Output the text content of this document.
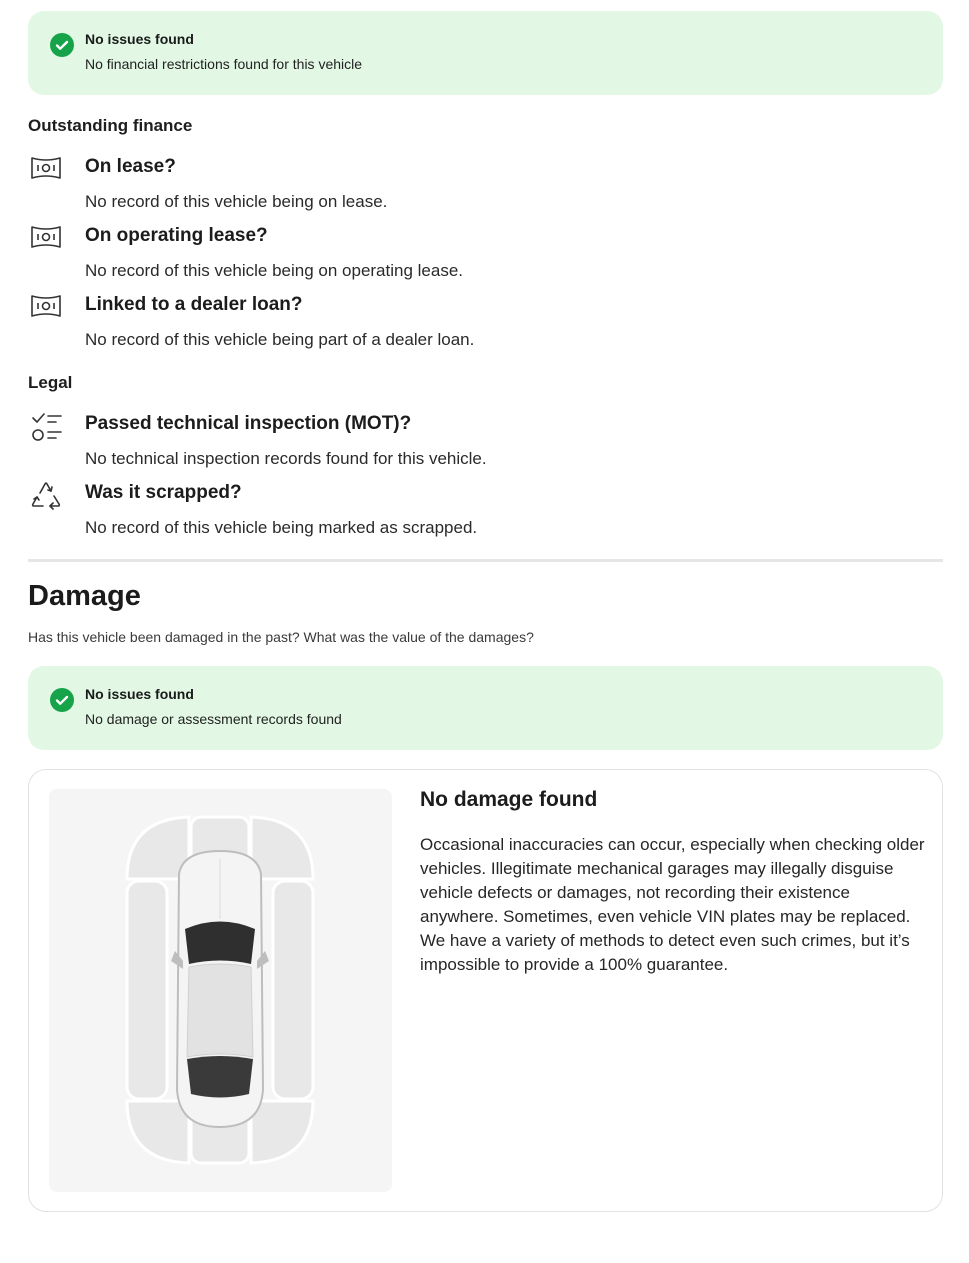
No issues found
No financial restrictions found for this vehicle
Outstanding finance
On lease?
No record of this vehicle being on lease.
On operating lease?
No record of this vehicle being on operating lease.
Linked to a dealer loan?
No record of this vehicle being part of a dealer loan.
Legal
Passed technical inspection (MOT)?
No technical inspection records found for this vehicle.
Was it scrapped?
No record of this vehicle being marked as scrapped.
Damage
Has this vehicle been damaged in the past? What was the value of the damages?
No issues found
No damage or assessment records found
No damage found
Occasional inaccuracies can occur, especially when checking older vehicles. Illegitimate mechanical garages may illegally disguise vehicle defects or damages, not recording their existence anywhere. Sometimes, even vehicle VIN plates may be replaced. We have a variety of methods to detect even such crimes, but it’s impossible to provide a 100% guarantee.
